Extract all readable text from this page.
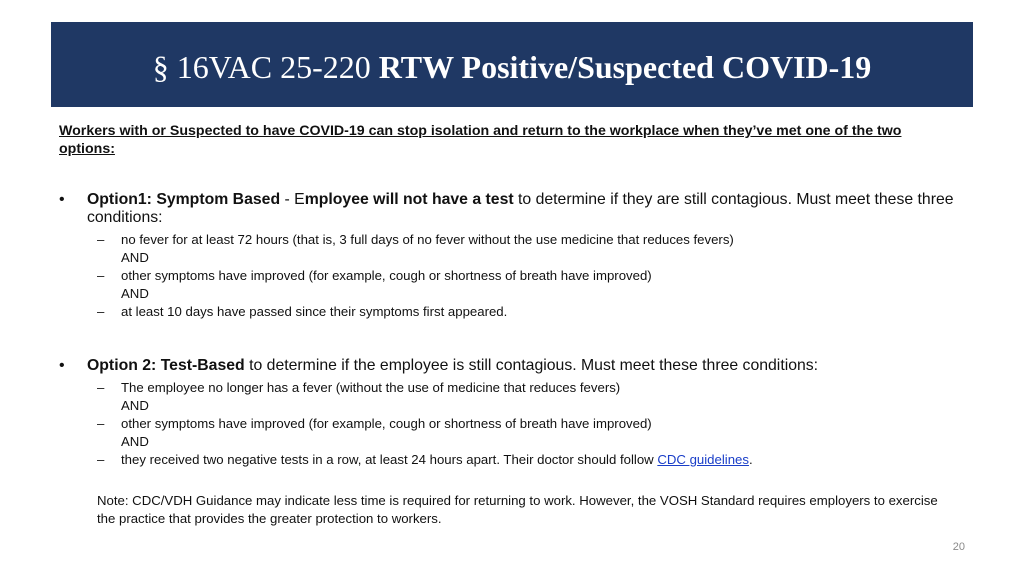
§ 16VAC 25-220 RTW Positive/Suspected COVID-19
Workers with or Suspected to have COVID-19 can stop isolation and return to the workplace when they’ve met one of the two options:
•	Option1: Symptom Based - Employee will not have a test to determine if they are still contagious. Must meet these three conditions:
–	no fever for at least 72 hours (that is, 3 full days of no fever without the use medicine that reduces fevers)
AND
–	other symptoms have improved (for example, cough or shortness of breath have improved)
AND
–	at least 10 days have passed since their symptoms first appeared.
•	Option 2: Test-Based to determine if the employee is still contagious. Must meet these three conditions:
–	The employee no longer has a fever (without the use of medicine that reduces fevers)
AND
–	other symptoms have improved (for example, cough or shortness of breath have improved)
AND
–	they received two negative tests in a row, at least 24 hours apart. Their doctor should follow CDC guidelines.
Note: CDC/VDH Guidance may indicate less time is required for returning to work. However, the VOSH Standard requires employers to exercise the practice that provides the greater protection to workers.
20
